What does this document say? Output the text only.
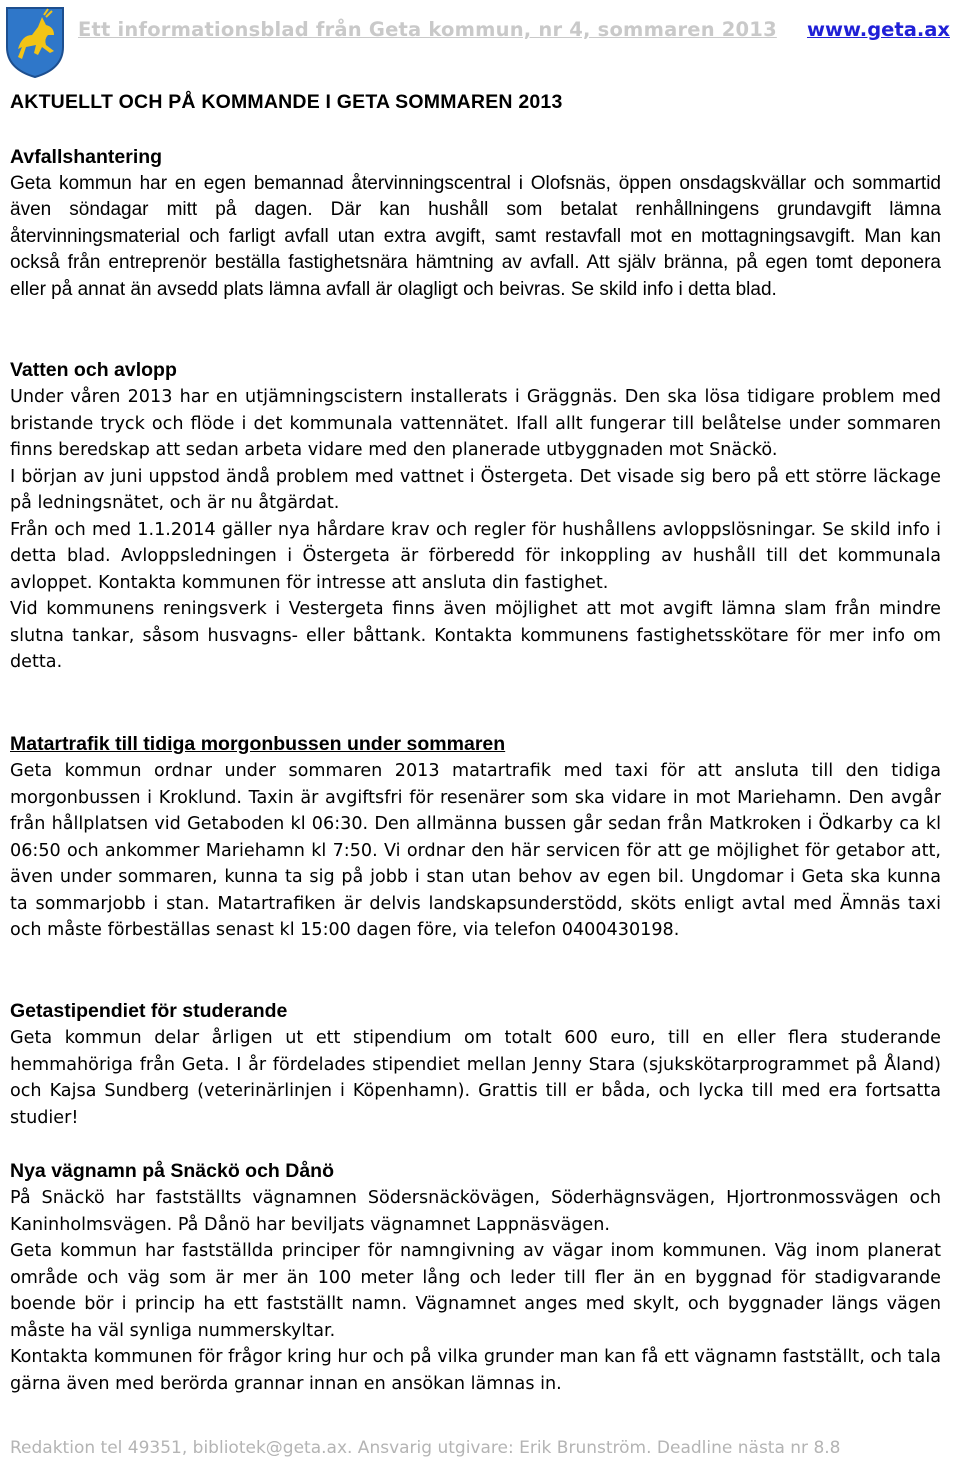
Ett informationsblad från Geta kommun, nr 4, sommaren 2013 www.geta.ax
AKTUELLT OCH PÅ KOMMANDE I GETA SOMMAREN 2013
Avfallshantering

Geta kommun har en egen bemannad återvinningscentral i Olofsnäs, öppen onsdagskvällar och sommartid även söndagar mitt på dagen. Där kan hushåll som betalat renhållningens grundavgift lämna återvinningsmaterial och farligt avfall utan extra avgift, samt restavfall mot en mottagningsavgift. Man kan också från entreprenör beställa fastighetsnära hämtning av avfall. Att själv bränna, på egen tomt deponera eller på annat än avsedd plats lämna avfall är olagligt och beivras. Se skild info i detta blad.

Vatten och avlopp

Under våren 2013 har en utjämningscistern installerats i Gräggnäs. Den ska lösa tidigare problem med bristande tryck och flöde i det kommunala vattennätet. Ifall allt fungerar till belåtelse under sommaren finns beredskap att sedan arbeta vidare med den planerade utbyggnaden mot Snäckö.

I början av juni uppstod ändå problem med vattnet i Östergeta. Det visade sig bero på ett större läckage på ledningsnätet, och är nu åtgärdat.

Från och med 1.1.2014 gäller nya hårdare krav och regler för hushållens avloppslösningar. Se skild info i detta blad. Avloppsledningen i Östergeta är förberedd för inkoppling av hushåll till det kommunala avloppet. Kontakta kommunen för intresse att ansluta din fastighet.

Vid kommunens reningsverk i Vestergeta finns även möjlighet att mot avgift lämna slam från mindre slutna tankar, såsom husvagns- eller båttank. Kontakta kommunens fastighetsskötare för mer info om detta.

Matartrafik till tidiga morgonbussen under sommaren

Geta kommun ordnar under sommaren 2013 matartrafik med taxi för att ansluta till den tidiga morgonbussen i Kroklund. Taxin är avgiftsfri för resenärer som ska vidare in mot Mariehamn. Den avgår från hållplatsen vid Getaboden kl 06:30. Den allmänna bussen går sedan från Matkroken i Ödkarby ca kl 06:50 och ankommer Mariehamn kl 7:50. Vi ordnar den här servicen för att ge möjlighet för getabor att, även under sommaren, kunna ta sig på jobb i stan utan behov av egen bil. Ungdomar i Geta ska kunna ta sommarjobb i stan. Matartrafiken är delvis landskapsunderstödd, sköts enligt avtal med Ämnäs taxi och måste förbeställas senast kl 15:00 dagen före, via telefon 0400430198.

Getastipendiet för studerande

Geta kommun delar årligen ut ett stipendium om totalt 600 euro, till en eller flera studerande hemmahöriga från Geta. I år fördelades stipendiet mellan Jenny Stara (sjukskötarprogrammet på Åland) och Kajsa Sundberg (veterinärlinjen i Köpenhamn). Grattis till er båda, och lycka till med era fortsatta studier!

Nya vägnamn på Snäckö och Dånö

På Snäckö har fastställts vägnamnen Södersnäckövägen, Söderhägnsvägen, Hjortronmossvägen och Kaninholmsvägen. På Dånö har beviljats vägnamnet Lappnäsvägen.

Geta kommun har fastställda principer för namngivning av vägar inom kommunen. Väg inom planerat område och väg som är mer än 100 meter lång och leder till fler än en byggnad för stadigvarande boende bör i princip ha ett fastställt namn. Vägnamnet anges med skylt, och byggnader längs vägen måste ha väl synliga nummerskyltar.

Kontakta kommunen för frågor kring hur och på vilka grunder man kan få ett vägnamn fastställt, och tala gärna även med berörda grannar innan en ansökan lämnas in.

Redaktion tel 49351, bibliotek@geta.ax. Ansvarig utgivare: Erik Brunström. Deadline nästa nr 8.8
